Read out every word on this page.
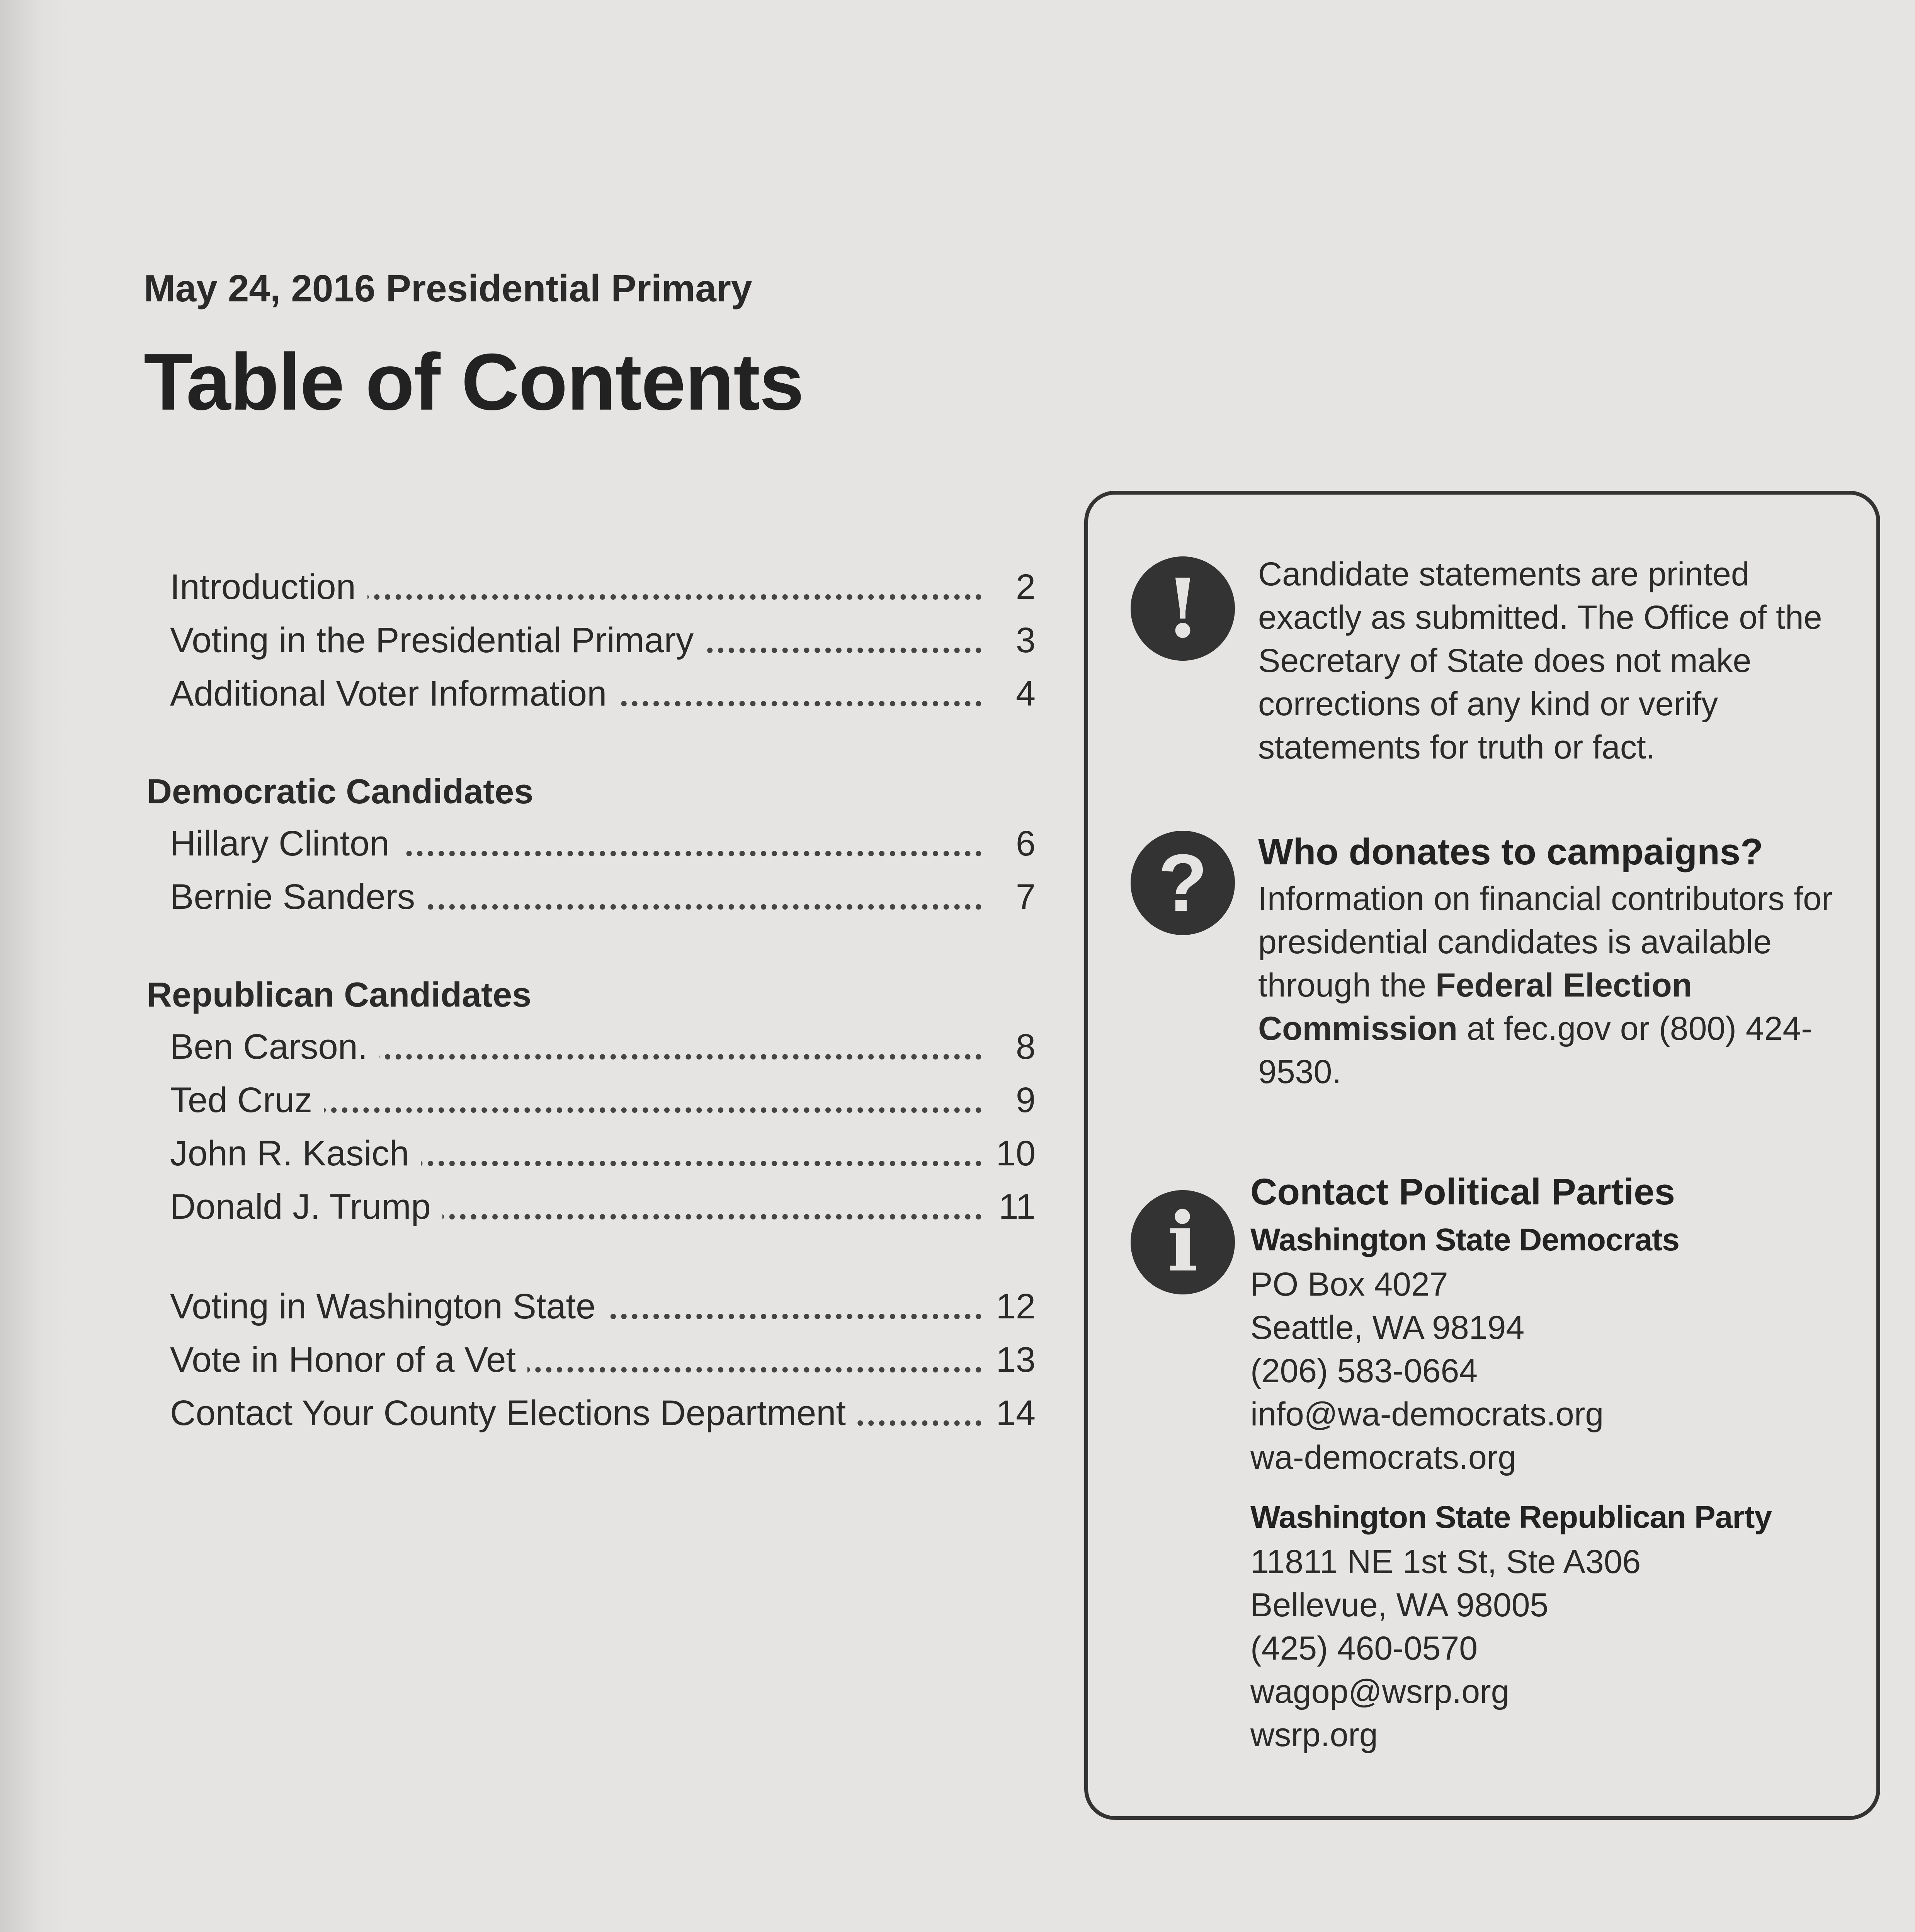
May 24, 2016 Presidential Primary
Table of Contents
Introduction	2
Voting in the Presidential Primary	3
Additional Voter Information	4
Democratic Candidates
Hillary Clinton	6
Bernie Sanders	7
Republican Candidates
Ben Carson.	8
Ted Cruz	9
John R. Kasich	10
Donald J. Trump	11
Voting in Washington State	12
Vote in Honor of a Vet	13
Contact Your County Elections Department	14
!	Candidate statements are printed exactly as submitted. The Office of the Secretary of State does not make corrections of any kind or verify statements for truth or fact.
?	Who donates to campaigns?
Information on financial contributors for presidential candidates is available through the Federal Election Commission at fec.gov or (800) 424-9530.
i
Contact Political Parties
Washington State Democrats
PO Box 4027
Seattle, WA 98194
(206) 583-0664
info@wa-democrats.org
wa-democrats.org
Washington State Republican Party
11811 NE 1st St, Ste A306
Bellevue, WA 98005
(425) 460-0570
wagop@wsrp.org
wsrp.org
